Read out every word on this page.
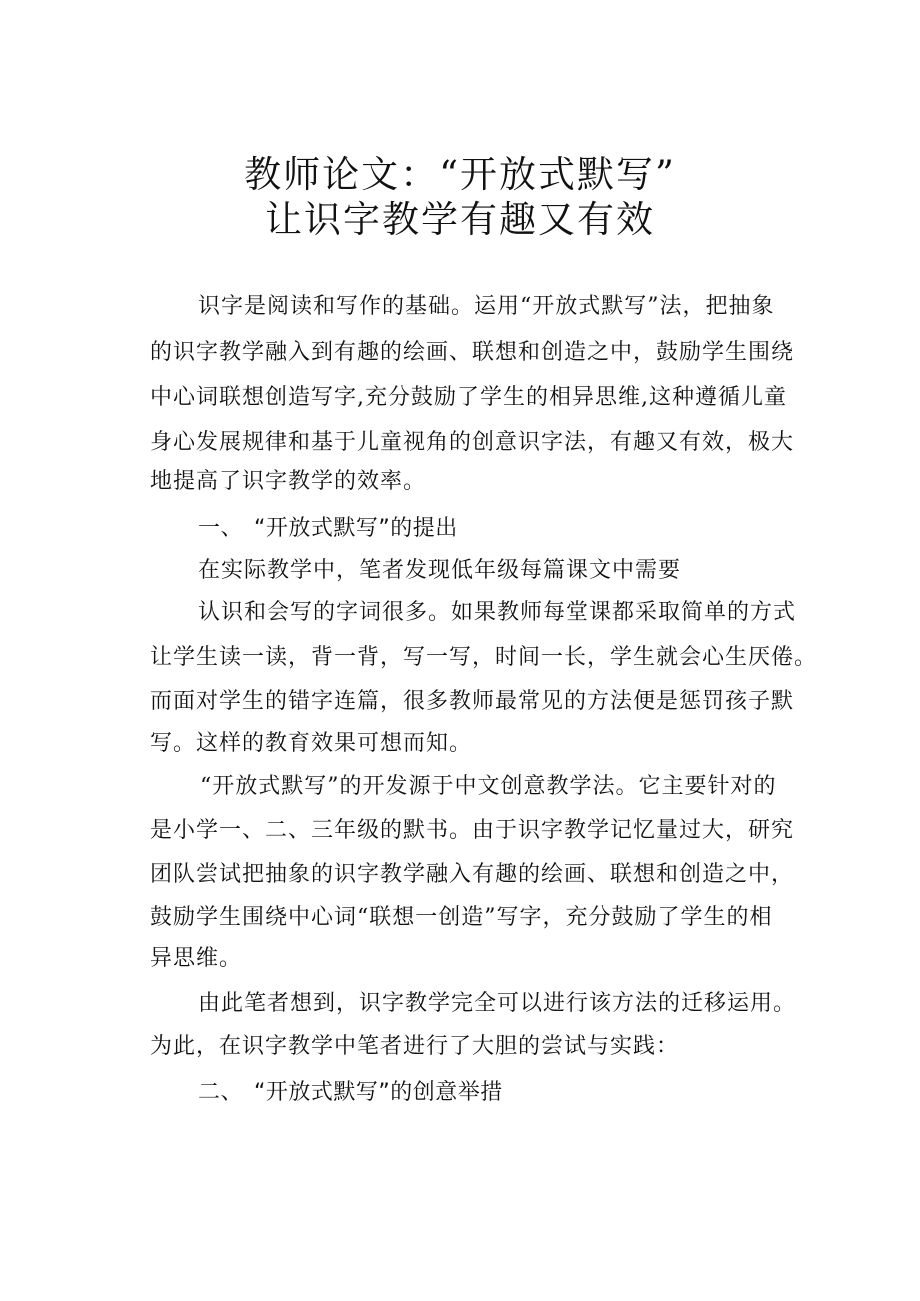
教师论文：“开放式默写”
让识字教学有趣又有效
识字是阅读和写作的基础。运用“开放式默写”法，把抽象
的识字教学融入到有趣的绘画、联想和创造之中，鼓励学生围绕
中心词联想创造写字,充分鼓励了学生的相异思维,这种遵循儿童
身心发展规律和基于儿童视角的创意识字法，有趣又有效，极大
地提高了识字教学的效率。
一、 “开放式默写”的提出
在实际教学中，笔者发现低年级每篇课文中需要
认识和会写的字词很多。如果教师每堂课都采取简单的方式
让学生读一读，背一背，写一写，时间一长，学生就会心生厌倦。
而面对学生的错字连篇，很多教师最常见的方法便是惩罚孩子默
写。这样的教育效果可想而知。
“开放式默写”的开发源于中文创意教学法。它主要针对的
是小学一、二、三年级的默书。由于识字教学记忆量过大，研究
团队尝试把抽象的识字教学融入有趣的绘画、联想和创造之中，
鼓励学生围绕中心词“联想一创造”写字，充分鼓励了学生的相
异思维。
由此笔者想到，识字教学完全可以进行该方法的迁移运用。
为此，在识字教学中笔者进行了大胆的尝试与实践：
二、 “开放式默写”的创意举措
